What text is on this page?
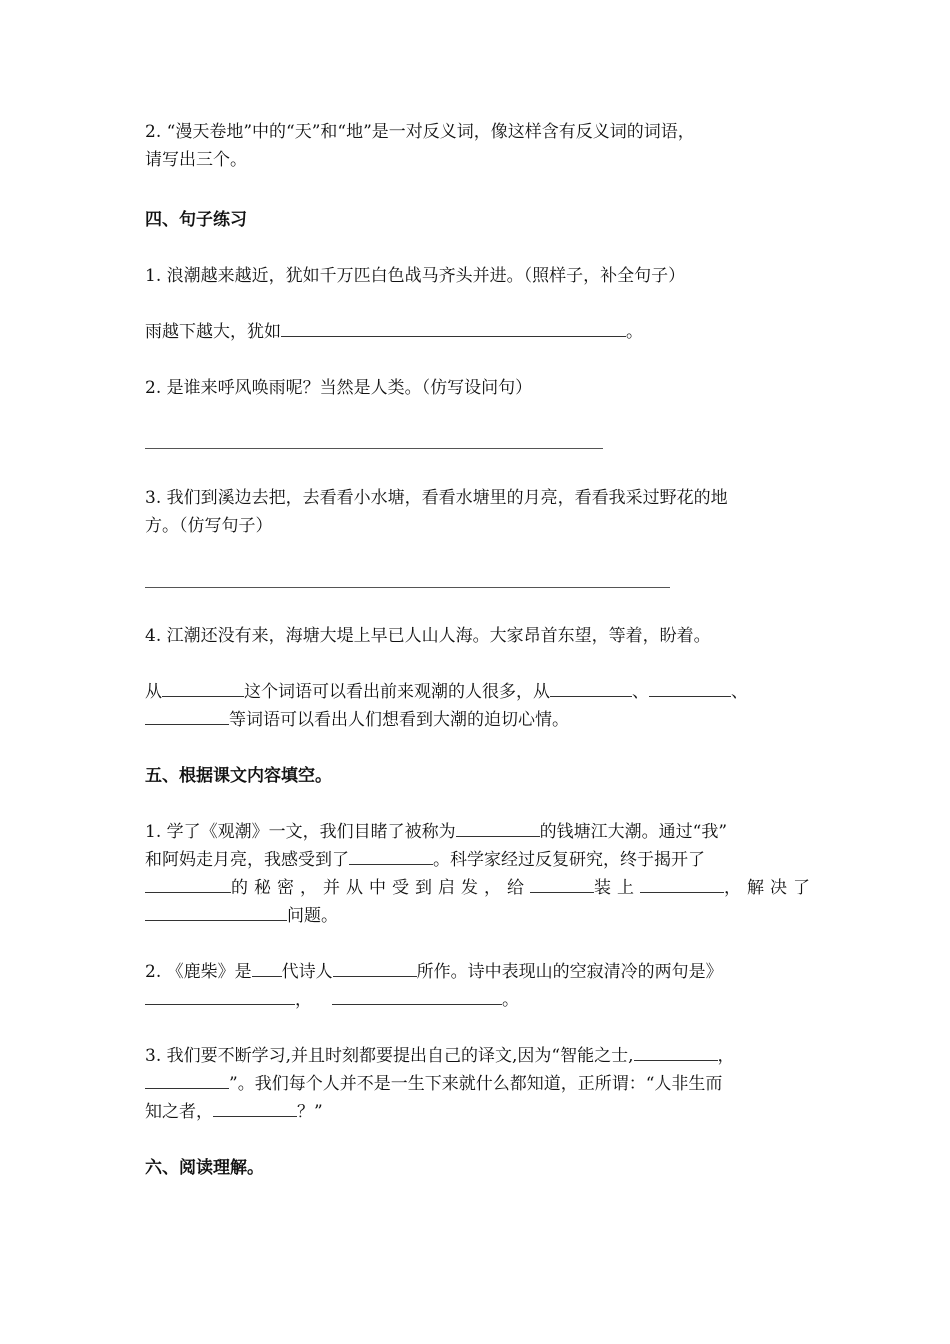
2. “漫天卷地”中的“天”和“地”是一对反义词，像这样含有反义词的词语，
请写出三个。
四、句子练习
1. 浪潮越来越近，犹如千万匹白色战马齐头并进。（照样子，补全句子）
雨越下越大，犹如	。
2. 是谁来呼风唤雨呢？当然是人类。（仿写设问句）
3. 我们到溪边去把，去看看小水塘，看看水塘里的月亮，看看我采过野花的地
方。（仿写句子）
4. 江潮还没有来，海塘大堤上早已人山人海。大家昂首东望，等着，盼着。
从	这个词语可以看出前来观潮的人很多，从	、	、
等词语可以看出人们想看到大潮的迫切心情。
五、根据课文内容填空。
1. 学了《观潮》一文，我们目睹了被称为	的钱塘江大潮。通过“我”
和阿妈走月亮，我感受到了	。科学家经过反复研究，终于揭开了
的秘密，并从中受到启发，给	装上	，解决了
问题。
2. 《鹿柴》是 代诗人	所作。诗中表现山的空寂清冷的两句是》
，	。
3. 我们要不断学习,并且时刻都要提出自己的译文,因为“智能之士,	，
”。我们每个人并不是一生下来就什么都知道，正所谓：“人非生而
知之者，	？”
六、阅读理解。
